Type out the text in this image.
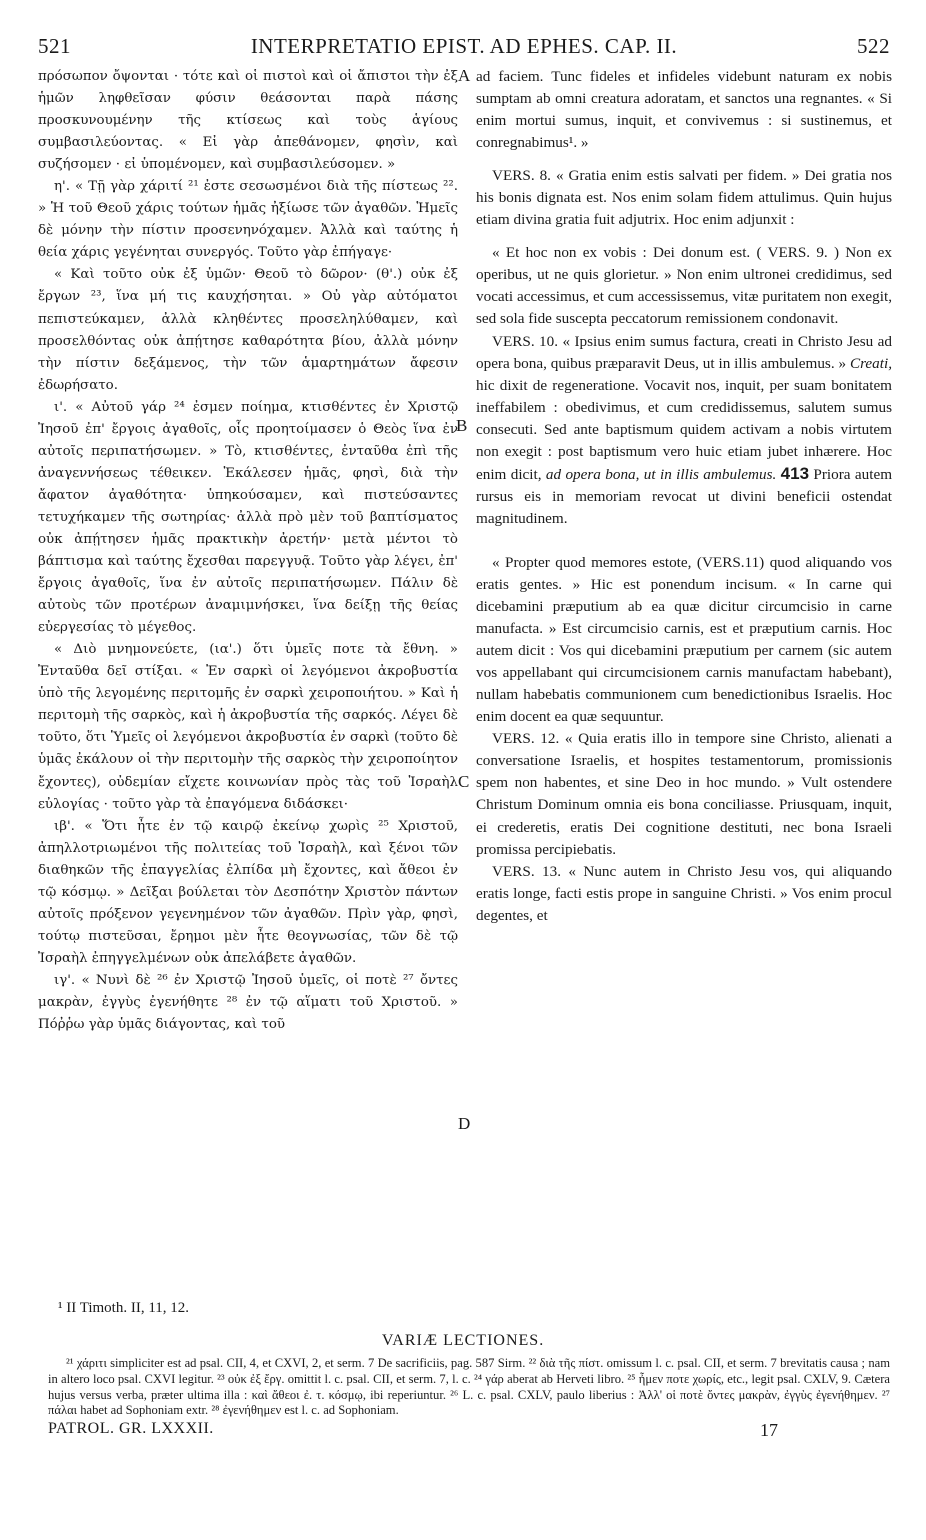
521	INTERPRETATIO EPIST. AD EPHES. CAP. II.	522
A
B
C
D

πρόσωπον ὄψονται · τότε καὶ οἱ πιστοὶ καὶ οἱ ἄπιστοι τὴν ἐξ ἡμῶν ληφθεῖσαν φύσιν θεάσονται παρὰ πάσης προσκυνουμένην τῆς κτίσεως καὶ τοὺς ἁγίους συμβασιλεύοντας. « Εἰ γὰρ ἀπεθάνομεν, φησὶν, καὶ συζήσομεν · εἰ ὑπομένομεν, καὶ συμβασιλεύσομεν. »

η'. « Τῇ γὰρ χάριτί ²¹ ἐστε σεσωσμένοι διὰ τῆς πίστεως ²². » Ἡ τοῦ Θεοῦ χάρις τούτων ἡμᾶς ἠξίωσε τῶν ἀγαθῶν. Ἡμεῖς δὲ μόνην τὴν πίστιν προσενηνόχαμεν. Ἀλλὰ καὶ ταύτης ἡ θεία χάρις γεγένηται συνεργός. Τοῦτο γὰρ ἐπήγαγε·

« Καὶ τοῦτο οὐκ ἐξ ὑμῶν· Θεοῦ τὸ δῶρον· (θ'.) οὐκ ἐξ ἔργων ²³, ἵνα μή τις καυχήσηται. » Οὐ γὰρ αὐτόματοι πεπιστεύκαμεν, ἀλλὰ κληθέντες προσεληλύθαμεν, καὶ προσελθόντας οὐκ ἀπῄτησε καθαρότητα βίου, ἀλλὰ μόνην τὴν πίστιν δεξάμενος, τὴν τῶν ἁμαρτημάτων ἄφεσιν ἐδωρήσατο.

ι'. « Αὐτοῦ γάρ ²⁴ ἐσμεν ποίημα, κτισθέντες ἐν Χριστῷ Ἰησοῦ ἐπ' ἔργοις ἀγαθοῖς, οἷς προητοίμασεν ὁ Θεὸς ἵνα ἐν αὐτοῖς περιπατήσωμεν. » Τὸ, κτισθέντες, ἐνταῦθα ἐπὶ τῆς ἀναγεννήσεως τέθεικεν. Ἐκάλεσεν ἡμᾶς, φησὶ, διὰ τὴν ἄφατον ἀγαθότητα· ὑπηκούσαμεν, καὶ πιστεύσαντες τετυχήκαμεν τῆς σωτηρίας· ἀλλὰ πρὸ μὲν τοῦ βαπτίσματος οὐκ ἀπῄτησεν ἡμᾶς πρακτικὴν ἀρετήν· μετὰ μέντοι τὸ βάπτισμα καὶ ταύτης ἔχεσθαι παρεγγυᾷ. Τοῦτο γὰρ λέγει, ἐπ' ἔργοις ἀγαθοῖς, ἵνα ἐν αὐτοῖς περιπατήσωμεν. Πάλιν δὲ αὐτοὺς τῶν προτέρων ἀναμιμνήσκει, ἵνα δείξῃ τῆς θείας εὐεργεσίας τὸ μέγεθος.

« Διὸ μνημονεύετε, (ια'.) ὅτι ὑμεῖς ποτε τὰ ἔθνη. » Ἐνταῦθα δεῖ στίξαι. « Ἐν σαρκὶ οἱ λεγόμενοι ἀκροβυστία ὑπὸ τῆς λεγομένης περιτομῆς ἐν σαρκὶ χειροποιήτου. » Καὶ ἡ περιτομὴ τῆς σαρκὸς, καὶ ἡ ἀκροβυστία τῆς σαρκός. Λέγει δὲ τοῦτο, ὅτι Ὑμεῖς οἱ λεγόμενοι ἀκροβυστία ἐν σαρκὶ (τοῦτο δὲ ὑμᾶς ἐκάλουν οἱ τὴν περιτομὴν τῆς σαρκὸς τὴν χειροποίητον ἔχοντες), οὐδεμίαν εἴχετε κοινωνίαν πρὸς τὰς τοῦ Ἰσραὴλ εὐλογίας · τοῦτο γὰρ τὰ ἐπαγόμενα διδάσκει·

ιβ'. « Ὅτι ἦτε ἐν τῷ καιρῷ ἐκείνῳ χωρὶς ²⁵ Χριστοῦ, ἀπηλλοτριωμένοι τῆς πολιτείας τοῦ Ἰσραὴλ, καὶ ξένοι τῶν διαθηκῶν τῆς ἐπαγγελίας ἐλπίδα μὴ ἔχοντες, καὶ ἄθεοι ἐν τῷ κόσμῳ. » Δεῖξαι βούλεται τὸν Δεσπότην Χριστὸν πάντων αὐτοῖς πρόξενον γεγενημένον τῶν ἀγαθῶν. Πρὶν γὰρ, φησὶ, τούτῳ πιστεῦσαι, ἔρημοι μὲν ἦτε θεογνωσίας, τῶν δὲ τῷ Ἰσραὴλ ἐπηγγελμένων οὐκ ἀπελάβετε ἀγαθῶν.

ιγ'. « Νυνὶ δὲ ²⁶ ἐν Χριστῷ Ἰησοῦ ὑμεῖς, οἱ ποτὲ ²⁷ ὄντες μακρὰν, ἐγγὺς ἐγενήθητε ²⁸ ἐν τῷ αἵματι τοῦ Χριστοῦ. » Πόῤῥω γὰρ ὑμᾶς διάγοντας, καὶ τοῦ

ad faciem. Tunc fideles et infideles videbunt naturam ex nobis sumptam ab omni creatura adoratam, et sanctos una regnantes. « Si enim mortui sumus, inquit, et convivemus : si sustinemus, et conregnabimus¹. »

VERS. 8. « Gratia enim estis salvati per fidem. » Dei gratia nos his bonis dignata est. Nos enim solam fidem attulimus. Quin hujus etiam divina gratia fuit adjutrix. Hoc enim adjunxit :

« Et hoc non ex vobis : Dei donum est. ( VERS. 9. ) Non ex operibus, ut ne quis glorietur. » Non enim ultronei credidimus, sed vocati accessimus, et cum accessissemus, vitæ puritatem non exegit, sed sola fide suscepta peccatorum remissionem condonavit.

VERS. 10. « Ipsius enim sumus factura, creati in Christo Jesu ad opera bona, quibus præparavit Deus, ut in illis ambulemus. » Creati, hic dixit de regeneratione. Vocavit nos, inquit, per suam bonitatem ineffabilem : obedivimus, et cum credidissemus, salutem sumus consecuti. Sed ante baptismum quidem activam a nobis virtutem non exegit : post baptismum vero huic etiam jubet inhærere. Hoc enim dicit, ad opera bona, ut in illis ambulemus. 413 Priora autem rursus eis in memoriam revocat ut divini beneficii ostendat magnitudinem.

« Propter quod memores estote, (VERS.11) quod aliquando vos eratis gentes. » Hic est ponendum incisum. « In carne qui dicebamini præputium ab ea quæ dicitur circumcisio in carne manufacta. » Est circumcisio carnis, est et præputium carnis. Hoc autem dicit : Vos qui dicebamini præputium per carnem (sic autem vos appellabant qui circumcisionem carnis manufactam habebant), nullam habebatis communionem cum benedictionibus Israelis. Hoc enim docent ea quæ sequuntur.

VERS. 12. « Quia eratis illo in tempore sine Christo, alienati a conversatione Israelis, et hospites testamentorum, promissionis spem non habentes, et sine Deo in hoc mundo. » Vult ostendere Christum Dominum omnia eis bona conciliasse. Priusquam, inquit, ei crederetis, eratis Dei cognitione destituti, nec bona Israeli promissa percipiebatis.

VERS. 13. « Nunc autem in Christo Jesu vos, qui aliquando eratis longe, facti estis prope in sanguine Christi. » Vos enim procul degentes, et

¹ II Timoth. II, 11, 12.
VARIÆ LECTIONES.

²¹ χάριτι simpliciter est ad psal. CII, 4, et CXVI, 2, et serm. 7 De sacrificiis, pag. 587 Sirm. ²² διὰ τῆς πίστ. omissum l. c. psal. CII, et serm. 7 brevitatis causa ; nam in altero loco psal. CXVI legitur. ²³ οὐκ ἐξ ἔργ. omittit l. c. psal. CII, et serm. 7, l. c. ²⁴ γάρ aberat ab Herveti libro. ²⁵ ἦμεν ποτε χωρίς, etc., legit psal. CXLV, 9. Cætera hujus versus verba, præter ultima illa : καὶ ἄθεοι ἐ. τ. κόσμῳ, ibi reperiuntur. ²⁶ L. c. psal. CXLV, paulo liberius : Ἀλλ' οἱ ποτὲ ὄντες μακρὰν, ἐγγὺς ἐγενήθημεν. ²⁷ πάλαι habet ad Sophoniam extr. ²⁸ ἐγενήθημεν est l. c. ad Sophoniam.

PATROL. GR. LXXXII.	17
